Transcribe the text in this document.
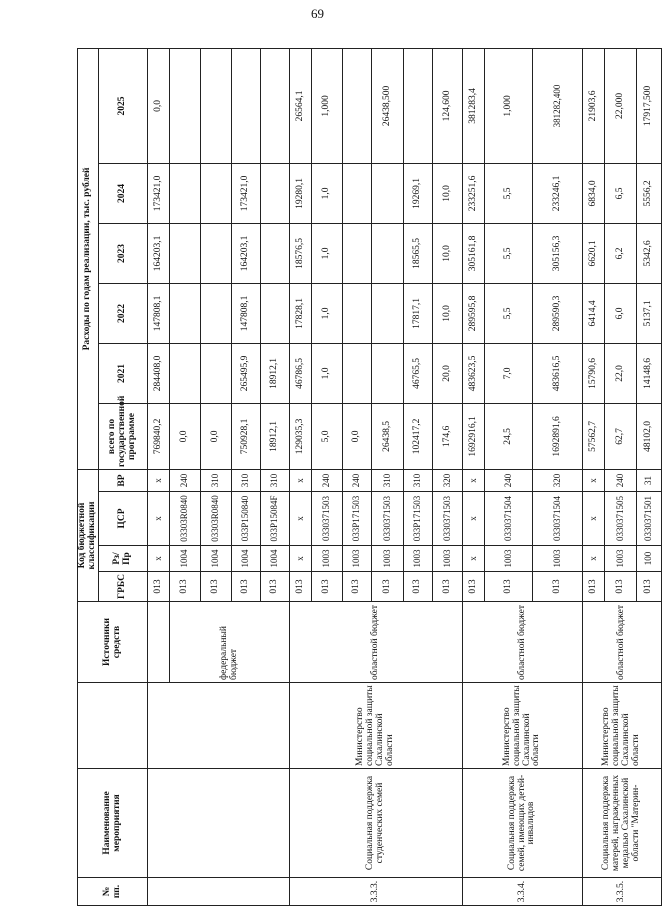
69
№ пп.	Наименование мероприятия		Источники средств	Код бюджетной классификации				Расходы по годам реализации, тыс. рублей					
				ГРБС	Рз/Пр	ЦСР	ВР	всего по государственной программе	2021	2022	2023	2024	2025
				013	x	x	x	769840,2	284408,0	147808,1	164203,1	173421,0	0,0
			федеральный бюджет	013	1004	03303R0840	240	0,0					
				013	1004	03303R0840	310	0,0					
				013	1004	033P150840	310	750928,1	265495,9	147808,1	164203,1	173421,0	
				013	1004	033P15084F	310	18912,1	18912,1				
3.3.3.	Социальная поддержка студенческих семей	Министерство социальной защиты Сахалинской области	областной бюджет	013	x	x	x	129035,3	46786,5	17828,1	18576,5	19280,1	26564,1
				013	1003	0330371503	240	5,0	1,0	1,0	1,0	1,0	1,000
				013	1003	033P171503	240	0,0					
				013	1003	0330371503	310	26438,5					26438,500
				013	1003	033P171503	310	102417,2	46765,5	17817,1	18565,5	19269,1	
				013	1003	0330371503	320	174,6	20,0	10,0	10,0	10,0	124,600
3.3.4.	Социальная поддержка семей, имеющих детей-инвалидов	Министерство социальной защиты Сахалинской области	областной бюджет	013	x	x	x	1692916,1	483623,5	289595,8	305161,8	233251,6	381283,4
				013	1003	0330371504	240	24,5	7,0	5,5	5,5	5,5	1,000
				013	1003	0330371504	320	1692891,6	483616,5	289590,3	305156,3	233246,1	381282,400
3.3.5.	Социальная поддержка матерей, награжденных медалью Сахалинской области "Материн-	Министерство социальной защиты Сахалинской области	областной бюджет	013	x	x	x	57562,7	15790,6	6414,4	6620,1	6834,0	21903,6
				013	1003	0330371505	240	62,7	22,0	6,0	6,2	6,5	22,000
				013	100	0330371501	31	48102,0	14148,6	5137,1	5342,6	5556,2	17917,500
